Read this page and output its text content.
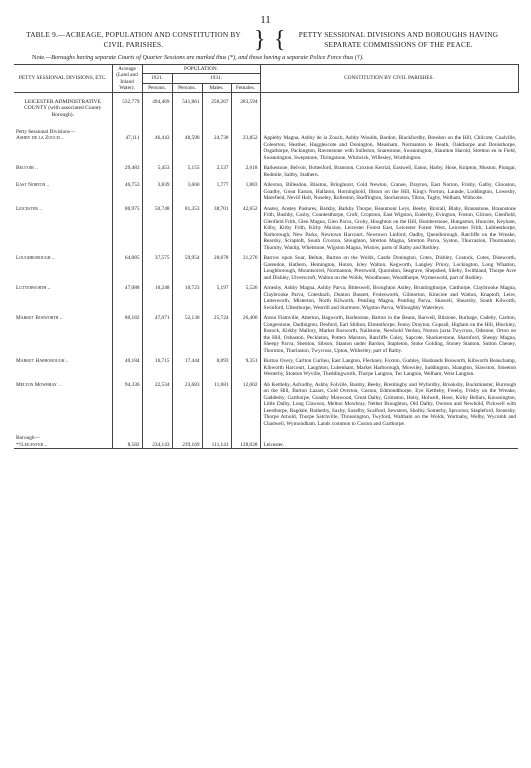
11
TABLE 9.—ACREAGE, POPULATION AND CONSTITUTION BY CIVIL PARISHES.	} {	PETTY SESSIONAL DIVISIONS AND BOROUGHS HAVING SEPARATE COMMISSIONS OF THE PEACE.
Note.—Boroughs having separate Courts of Quarter Sessions are marked thus (*), and those having a separate Police Force thus (†).
PETTY SESSIONAL DIVISIONS, ETC.	Acreage (Land and Inland Water).	POPULATION.				CONSTITUTION BY CIVIL PARISHES.
		1921.	1931.			
		Persons.	Persons.	Males.	Females.	

LEICESTER ADMINISTRATIVE COUNTY (with associated County Borough).	532,779	494,469	541,861	258,267	283,594	
Petty Sessional Divisions—						
Ashby de la Zouch ..	47,111	46,443	48,590	24,738	23,852	Appleby Magna, Ashby de la Zouch, Ashby Woulds, Bardon, Blackfordby, Breedon on the Hill, Chilcote, Coalville, Coleorton, Heather, Hugglescote and Donington, Measham, Normanton le Heath, Oakthorpe and Donisthorpe, Osgathorpe, Packington, Ravenstone with Snibston, Snarestone, Swannington, Staunton Harold, Stretton en le Field, Swannington, Swepstone, Thringstone, Whitwick, Willesley, Worthington.

Belvoir ..	29,483	5,453	5,155	2,537	2,618	Barkestone, Belvoir, Bottesford, Branston, Croxton Kerrial, Eastwell, Eaton, Harby, Hose, Knipton, Muston, Plungar, Redmile, Saltby, Stathern.

East Norton ..	40,753	3,839	3,660	1,777	1,883	Allexton, Billesdon, Blaston, Bringhurst, Cold Newton, Cranoe, Drayton, East Norton, Frisby, Galby, Glooston, Goadby, Great Easton, Hallaton, Horninghold, Illston on the Hill, King's Norton, Launde, Loddington, Lowesby, Marefield, Nevill Holt, Noseley, Rolleston, Skeffington, Stockerston, Tilton, Tugby, Welham, Withcote.

Leicester ..	80,975	50,748	81,353	38,701	42,652	Anstey, Anstey Pastures, Barkby, Barkby Thorpe, Beaumont Leys, Beeby, Birstall, Blaby, Braunstone, Braunstone Frith, Bushby, Cosby, Countesthorpe, Croft, Cropston, East Wigston, Enderby, Evington, Foston, Gilroes, Glenfield, Glenfield Frith, Glen Magna, Glen Parva, Groby, Houghton on the Hill, Humberstone, Hungarton, Huncote, Keyham, Kilby, Kirby Frith, Kirby Muxloe, Leicester Forest East, Leicester Forest West, Leicester Frith, Lubbesthorpe, Narborough, New Parks, Newtown Harcourt, Newtown Linford, Oadby, Queniborough, Ratcliffe on the Wreake, Rearsby, Scraptoft, South Croxton, Stoughton, Stretton Magna, Stretton Parva, Syston, Thurcaston, Thurmaston, Thurnby, Wanlip, Whetstone, Wigston Magna, Wistow, parts of Ratby and Rothley.

Loughborough ..	64,085	37,575	59,954	28,678	31,276	Barrow upon Soar, Belton, Burton on the Wolds, Castle Donington, Cotes, Dishley, Costock, Cotes, Diseworth, Garendon, Hathern, Hemington, Hoton, Isley Walton, Kegworth, Langley Priory, Lockington, Long Whatton, Loughborough, Mountsorrel, Normanton, Prestwold, Quorndon, Seagrave, Shepshed, Sileby, Swithland, Thorpe Acre and Dishley, Ulverscroft, Walton on the Wolds, Woodhouse, Woodthorpe, Wymeswold, part of Rothley.

Lutterworth ..	47,088	10,248	10,723	5,197	5,526	Arnesby, Ashby Magna, Ashby Parva, Bitteswell, Broughton Astley, Bruntingthorpe, Catthorpe, Claybrooke Magna, Claybrooke Parva, Cotesbach, Dunton Bassett, Frolesworth, Gilmorton, Kimcote and Walton, Knaptoft, Leire, Lutterworth, Misterton, North Kilworth, Peatling Magna, Peatling Parva, Shawell, Shearsby, South Kilworth, Swinford, Ullesthorpe, Westrill and Starmore, Wigston Parva, Willoughby Waterleys.

Market Bosworth ..	80,182	47,071	52,130	25,724	26,406	Aston Flamville, Atterton, Bagworth, Barlestone, Barton in the Beans, Barwell, Bilstone, Burbage, Cadeby, Carlton, Congerstone, Dadlington, Desford, Earl Shilton, Elmesthorpe, Fenny Drayton, Gopsall, Higham on the Hill, Hinckley, Ibstock, Kirkby Mallory, Market Bosworth, Nailstone, Newbold Verdon, Norton juxta Twycross, Odstone, Orton on the Hill, Osbaston, Peckleton, Potters Marston, Ratcliffe Culey, Sapcote, Shackerstone, Sharnford, Sheepy Magna, Sheepy Parva, Shenton, Sibson, Stanton under Bardon, Stapleton, Stoke Golding, Stoney Stanton, Sutton Cheney, Thornton, Thurlaston, Twycross, Upton, Witherley, part of Ratby.

Market Harborough ..	40,184	16,715	17,444	8,093	9,351	Burton Overy, Carlton Curlieu, East Langton, Fleckney, Foxton, Gumley, Husbands Bosworth, Kibworth Beauchamp, Kibworth Harcourt, Laughton, Lubenham, Market Harborough, Mowsley, Saddington, Shangton, Slawston, Smeeton Westerby, Stonton Wyville, Theddingworth, Thorpe Langton, Tur Langton, Welham, West Langton.

Melton Mowbray ..	94,336	22,534	23,683	11,681	12,002	Ab Kettleby, Asfordby, Ashby Folville, Barsby, Beeby, Brentingby and Wyfordby, Brooksby, Buckminster, Burrough on the Hill, Burton Lazars, Cold Overton, Coston, Edmondthorpe, Eye Kettleby, Freeby, Frisby on the Wreake, Gaddesby, Garthorpe, Goadby Marwood, Great Dalby, Grimston, Hoby, Holwell, Hose, Kirby Bellars, Knossington, Little Dalby, Long Clawson, Melton Mowbray, Nether Broughton, Old Dalby, Owston and Newbold, Pickwell with Leesthorpe, Ragdale, Rotherby, Saxby, Saxelby, Scalford, Sewstern, Sholby, Somerby, Sproxton, Stapleford, Stonesby, Thorpe Arnold, Thorpe Satchville, Thrussington, Twyford, Waltham on the Wolds, Wartnaby, Welby, Wycomb and Chadwell, Wymondham. Lands common to Coston and Garthorpe.

Borough—						
*†Leicester ..	8,582	234,143	239,169	111,141	128,028	Leicester.
